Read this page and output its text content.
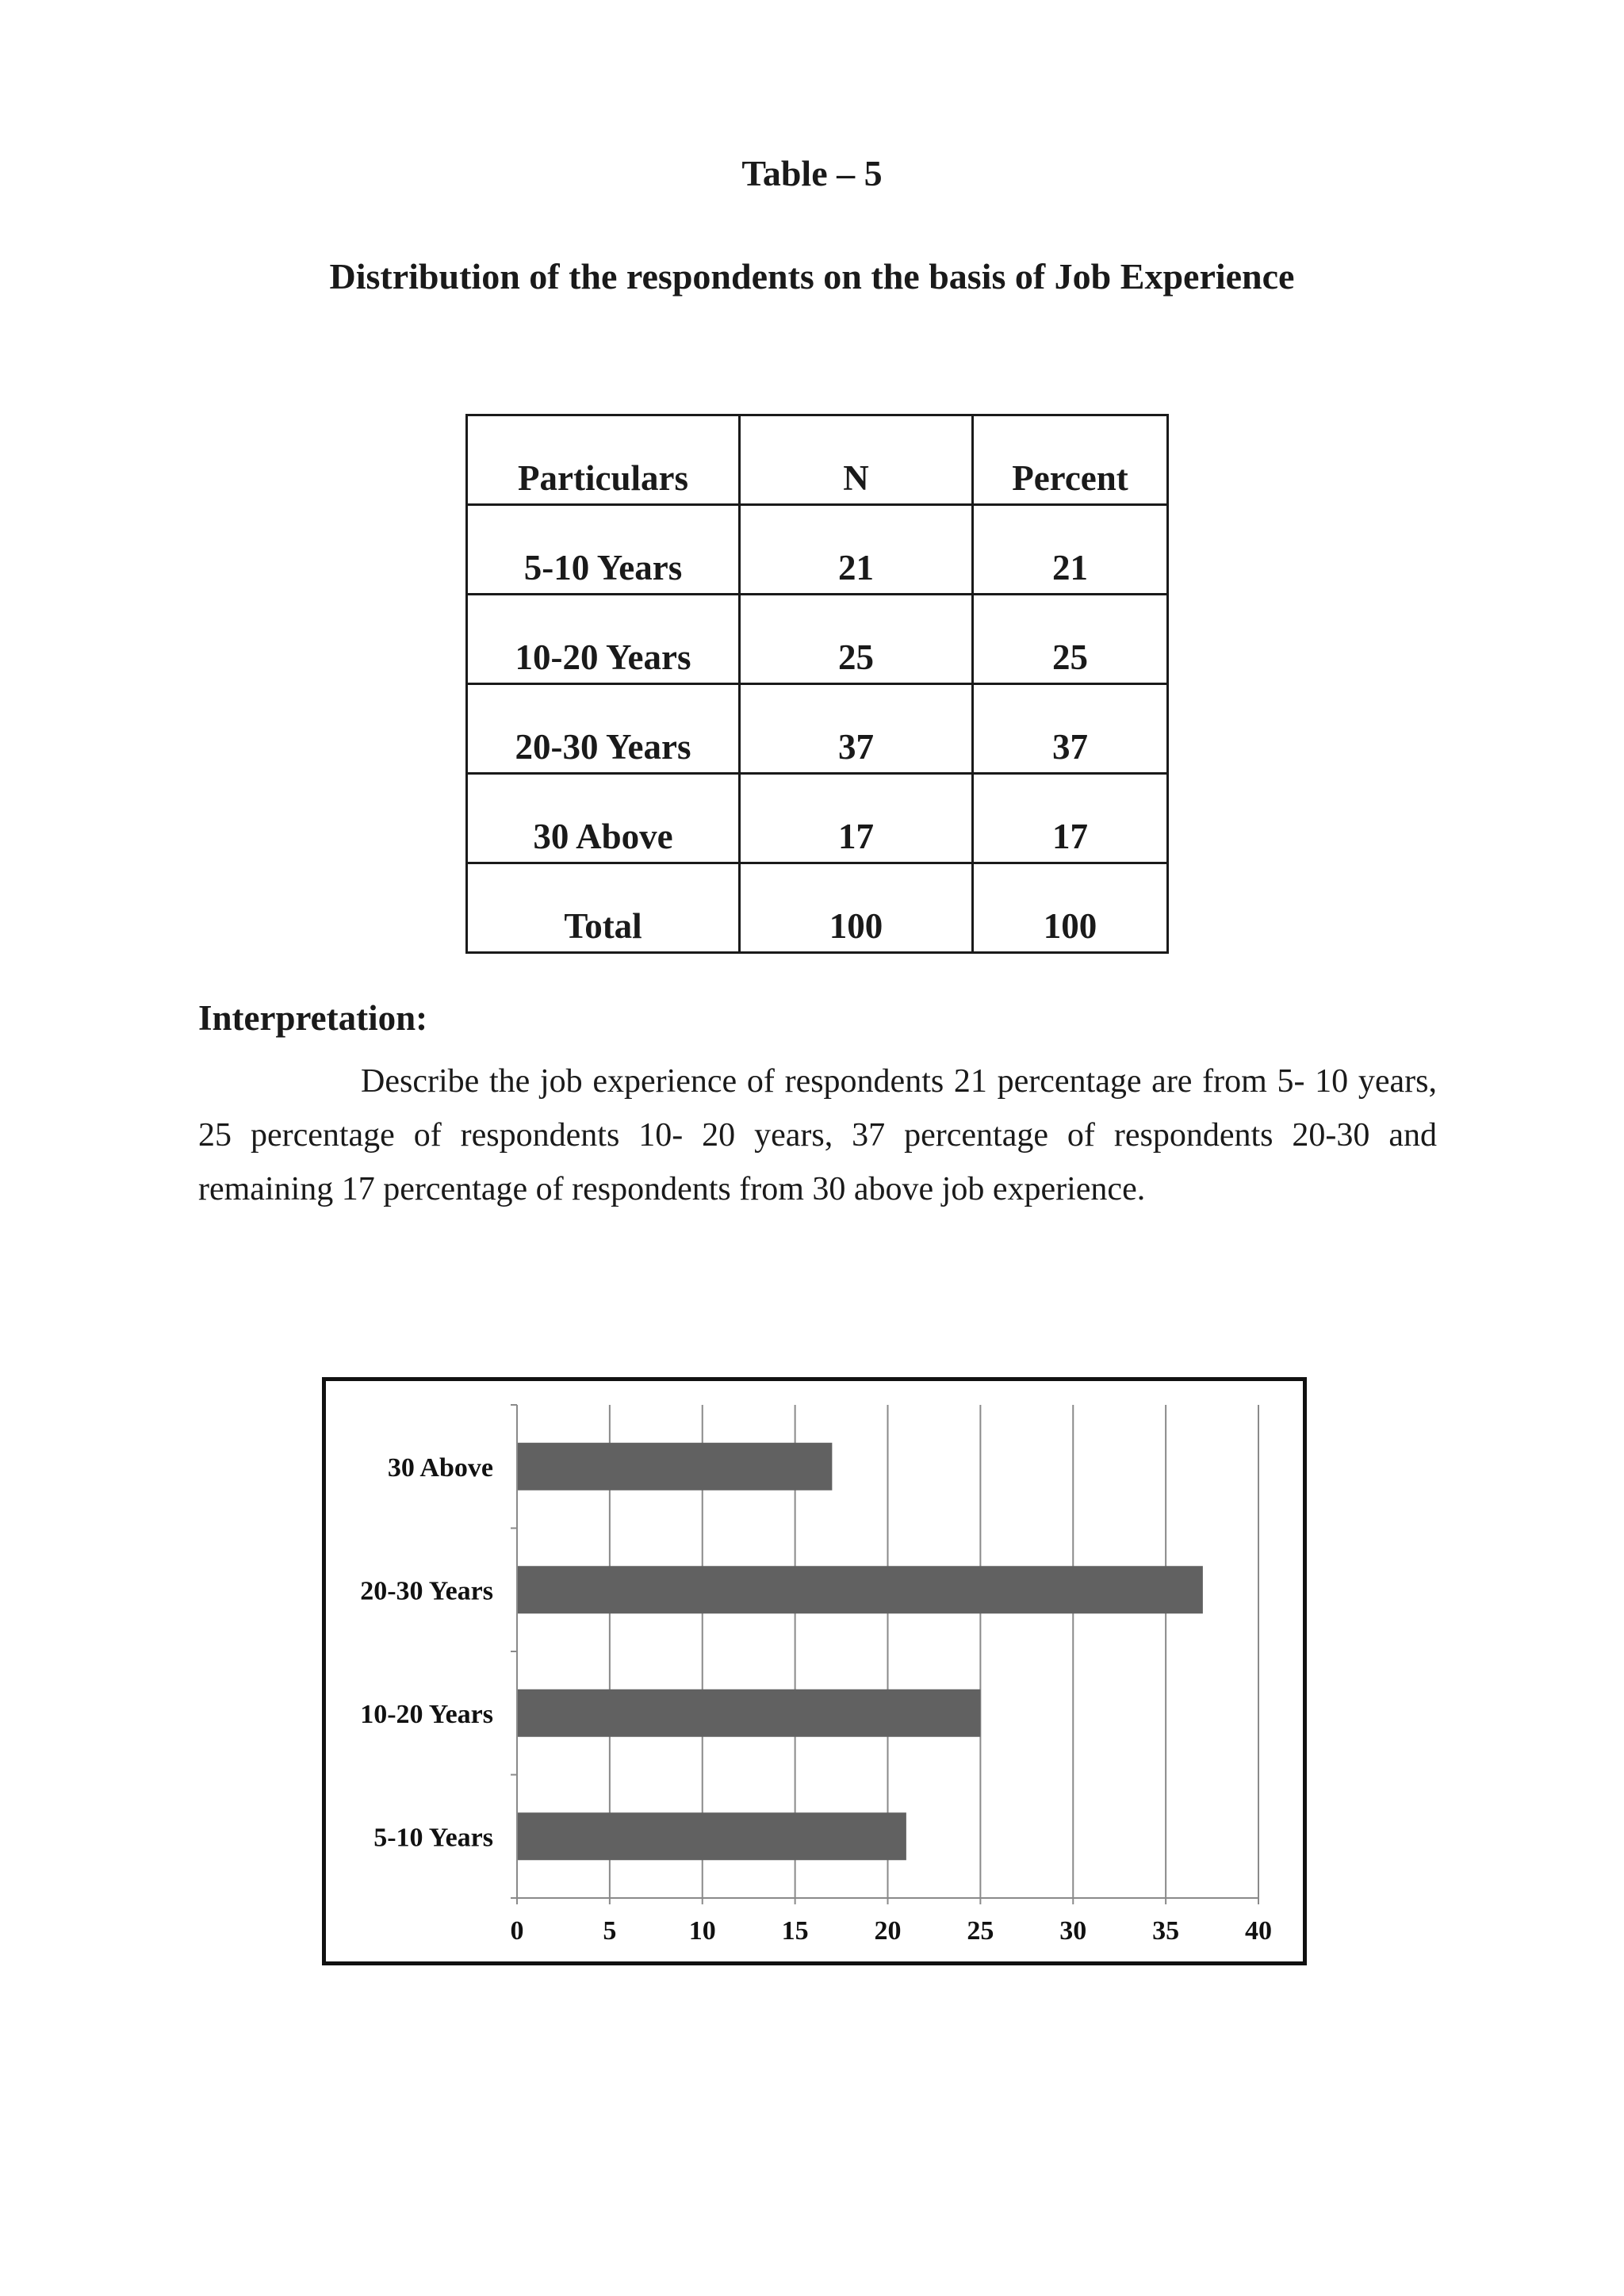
Table – 5

Distribution of the respondents on the basis of Job Experience

Particulars	N	Percent
5-10 Years	21	21
10-20 Years	25	25
20-30 Years	37	37
30 Above	17	17
Total	100	100

Interpretation:

Describe the job experience of respondents 21 percentage are from 5- 10 years, 25 percentage of respondents 10- 20 years, 37 percentage of respondents 20-30 and remaining 17 percentage of respondents from 30 above job experience.

5-10 Years
10-20 Years
20-30 Years
30 Above
0	5	10 15 20 25 30 35 40
